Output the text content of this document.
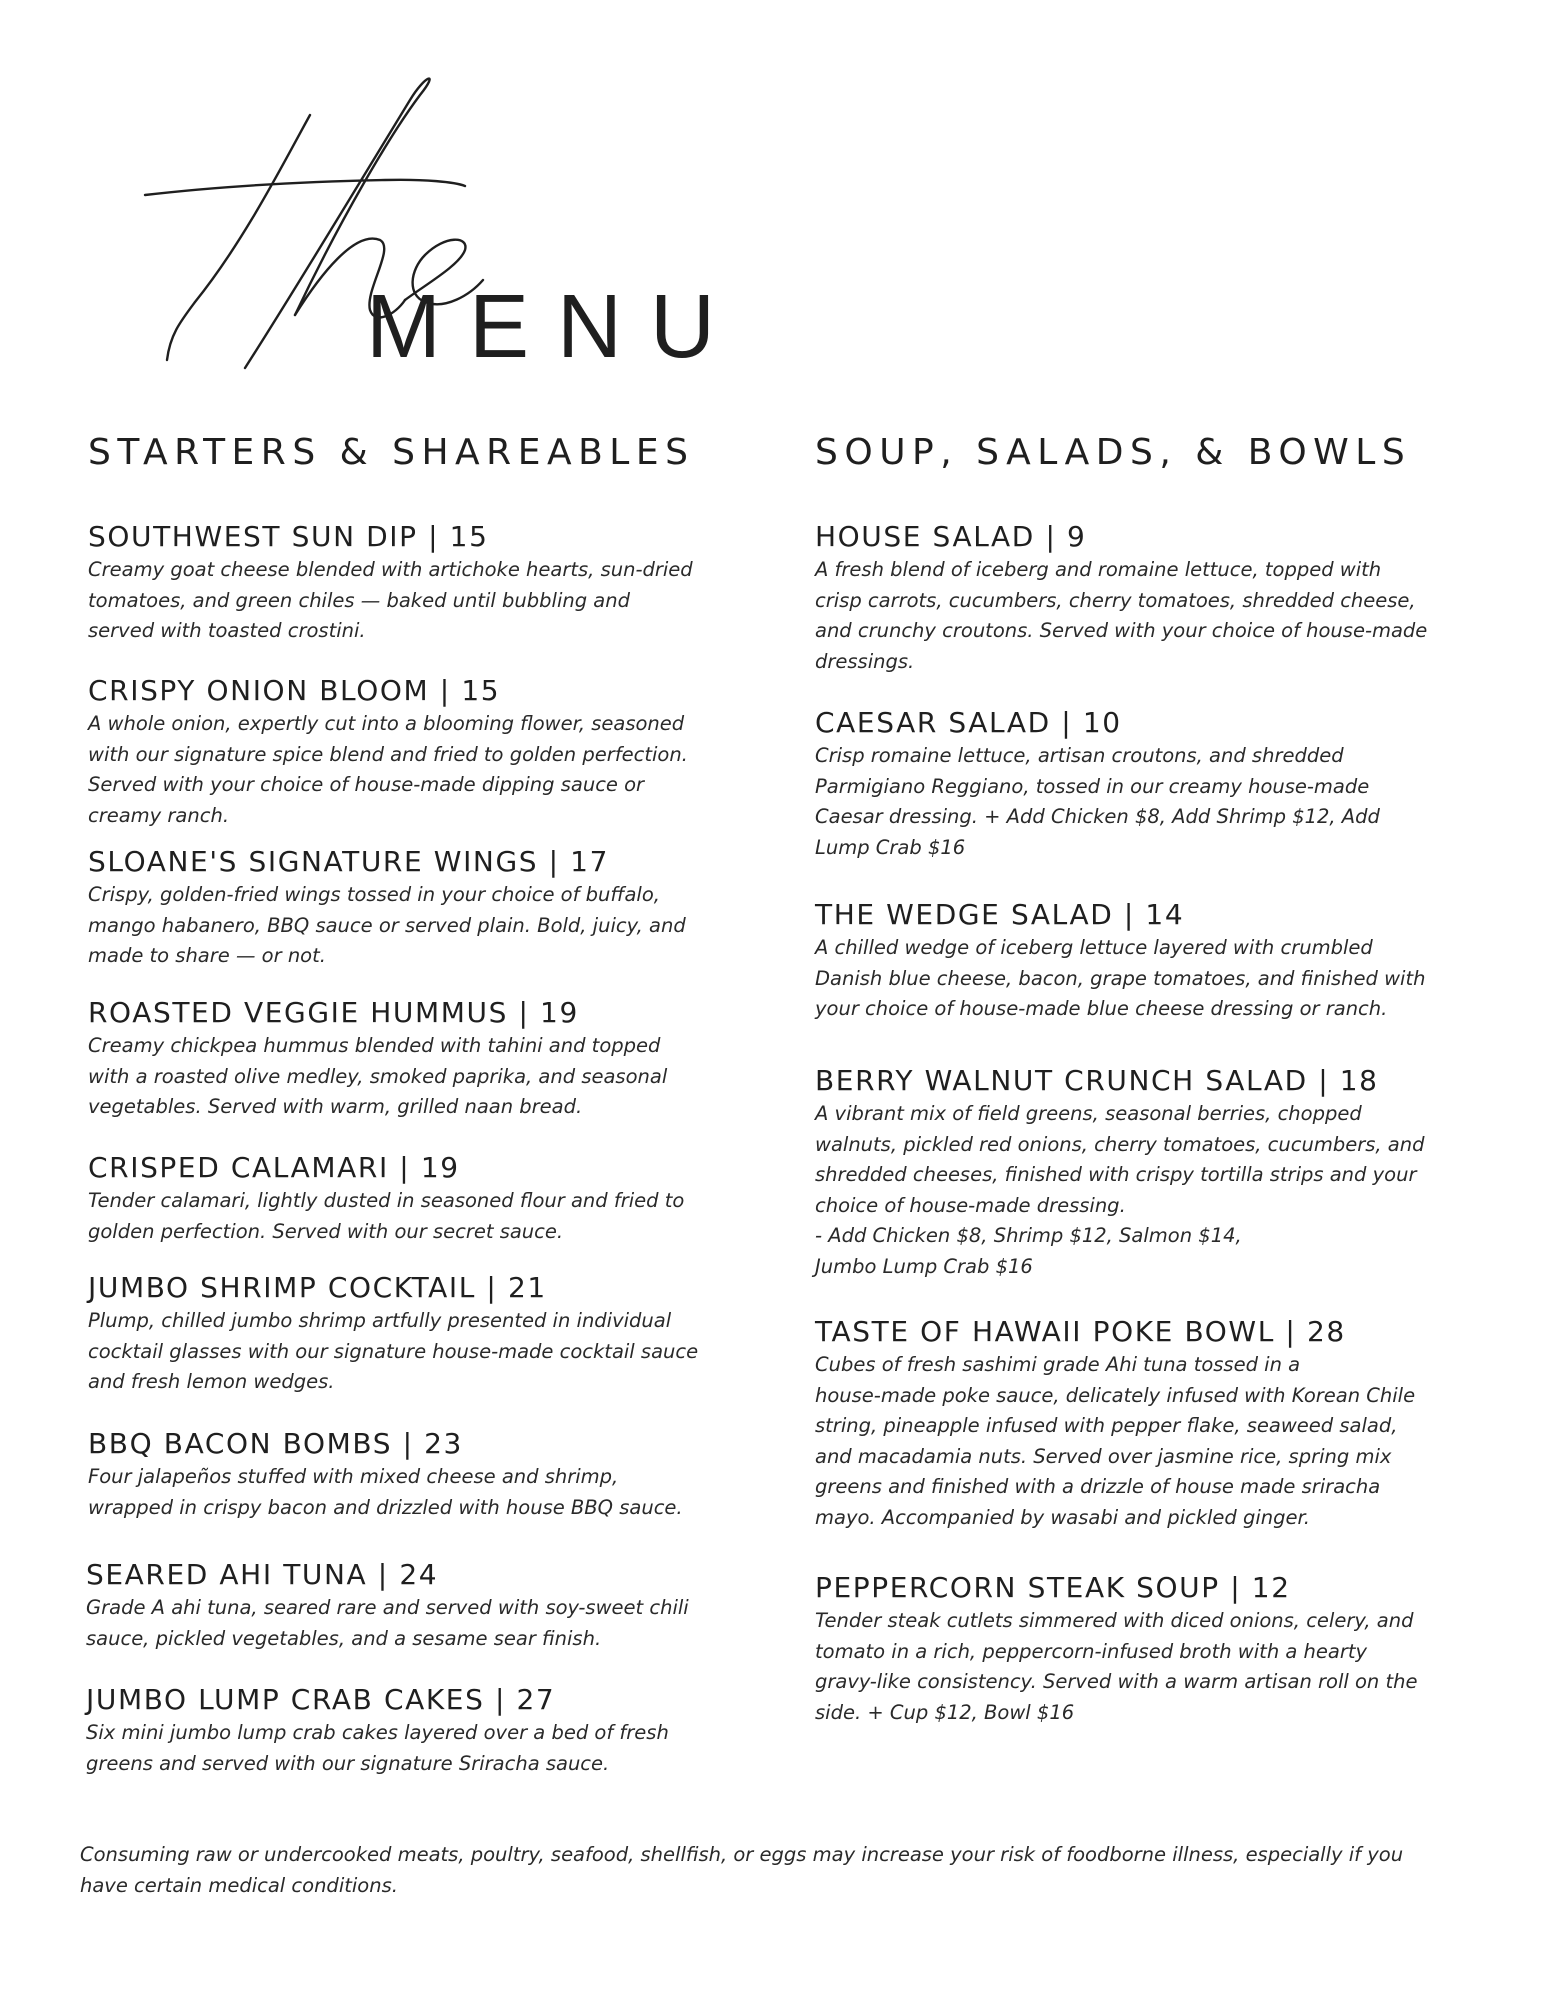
MENU
STARTERS & SHAREABLES
SOUTHWEST SUN DIP | 15
Creamy goat cheese blended with artichoke hearts, sun-dried
tomatoes, and green chiles — baked until bubbling and
served with toasted crostini.
CRISPY ONION BLOOM | 15
A whole onion, expertly cut into a blooming flower, seasoned
with our signature spice blend and fried to golden perfection.
Served with your choice of house-made dipping sauce or
creamy ranch.
SLOANE'S SIGNATURE WINGS | 17
Crispy, golden-fried wings tossed in your choice of buffalo,
mango habanero, BBQ sauce or served plain. Bold, juicy, and
made to share — or not.
ROASTED VEGGIE HUMMUS | 19
Creamy chickpea hummus blended with tahini and topped
with a roasted olive medley, smoked paprika, and seasonal
vegetables. Served with warm, grilled naan bread.
CRISPED CALAMARI | 19
Tender calamari, lightly dusted in seasoned flour and fried to
golden perfection. Served with our secret sauce.
JUMBO SHRIMP COCKTAIL | 21
Plump, chilled jumbo shrimp artfully presented in individual
cocktail glasses with our signature house-made cocktail sauce
and fresh lemon wedges.
BBQ BACON BOMBS | 23
Four jalapeños stuffed with mixed cheese and shrimp,
wrapped in crispy bacon and drizzled with house BBQ sauce.
SEARED AHI TUNA | 24
Grade A ahi tuna, seared rare and served with soy-sweet chili
sauce, pickled vegetables, and a sesame sear finish.
JUMBO LUMP CRAB CAKES | 27
Six mini jumbo lump crab cakes layered over a bed of fresh
greens and served with our signature Sriracha sauce.
SOUP, SALADS, & BOWLS
HOUSE SALAD | 9
A fresh blend of iceberg and romaine lettuce, topped with
crisp carrots, cucumbers, cherry tomatoes, shredded cheese,
and crunchy croutons. Served with your choice of house-made
dressings.
CAESAR SALAD | 10
Crisp romaine lettuce, artisan croutons, and shredded
Parmigiano Reggiano, tossed in our creamy house-made
Caesar dressing. + Add Chicken $8, Add Shrimp $12, Add
Lump Crab $16
THE WEDGE SALAD | 14
A chilled wedge of iceberg lettuce layered with crumbled
Danish blue cheese, bacon, grape tomatoes, and finished with
your choice of house-made blue cheese dressing or ranch.
BERRY WALNUT CRUNCH SALAD | 18
A vibrant mix of field greens, seasonal berries, chopped
walnuts, pickled red onions, cherry tomatoes, cucumbers, and
shredded cheeses, finished with crispy tortilla strips and your
choice of house-made dressing.
- Add Chicken $8, Shrimp $12, Salmon $14,
Jumbo Lump Crab $16
TASTE OF HAWAII POKE BOWL | 28
Cubes of fresh sashimi grade Ahi tuna tossed in a
house-made poke sauce, delicately infused with Korean Chile
string, pineapple infused with pepper flake, seaweed salad,
and macadamia nuts. Served over jasmine rice, spring mix
greens and finished with a drizzle of house made sriracha
mayo. Accompanied by wasabi and pickled ginger.
PEPPERCORN STEAK SOUP | 12
Tender steak cutlets simmered with diced onions, celery, and
tomato in a rich, peppercorn-infused broth with a hearty
gravy-like consistency. Served with a warm artisan roll on the
side. + Cup $12, Bowl $16
Consuming raw or undercooked meats, poultry, seafood, shellfish, or eggs may increase your risk of foodborne illness, especially if you
have certain medical conditions.
